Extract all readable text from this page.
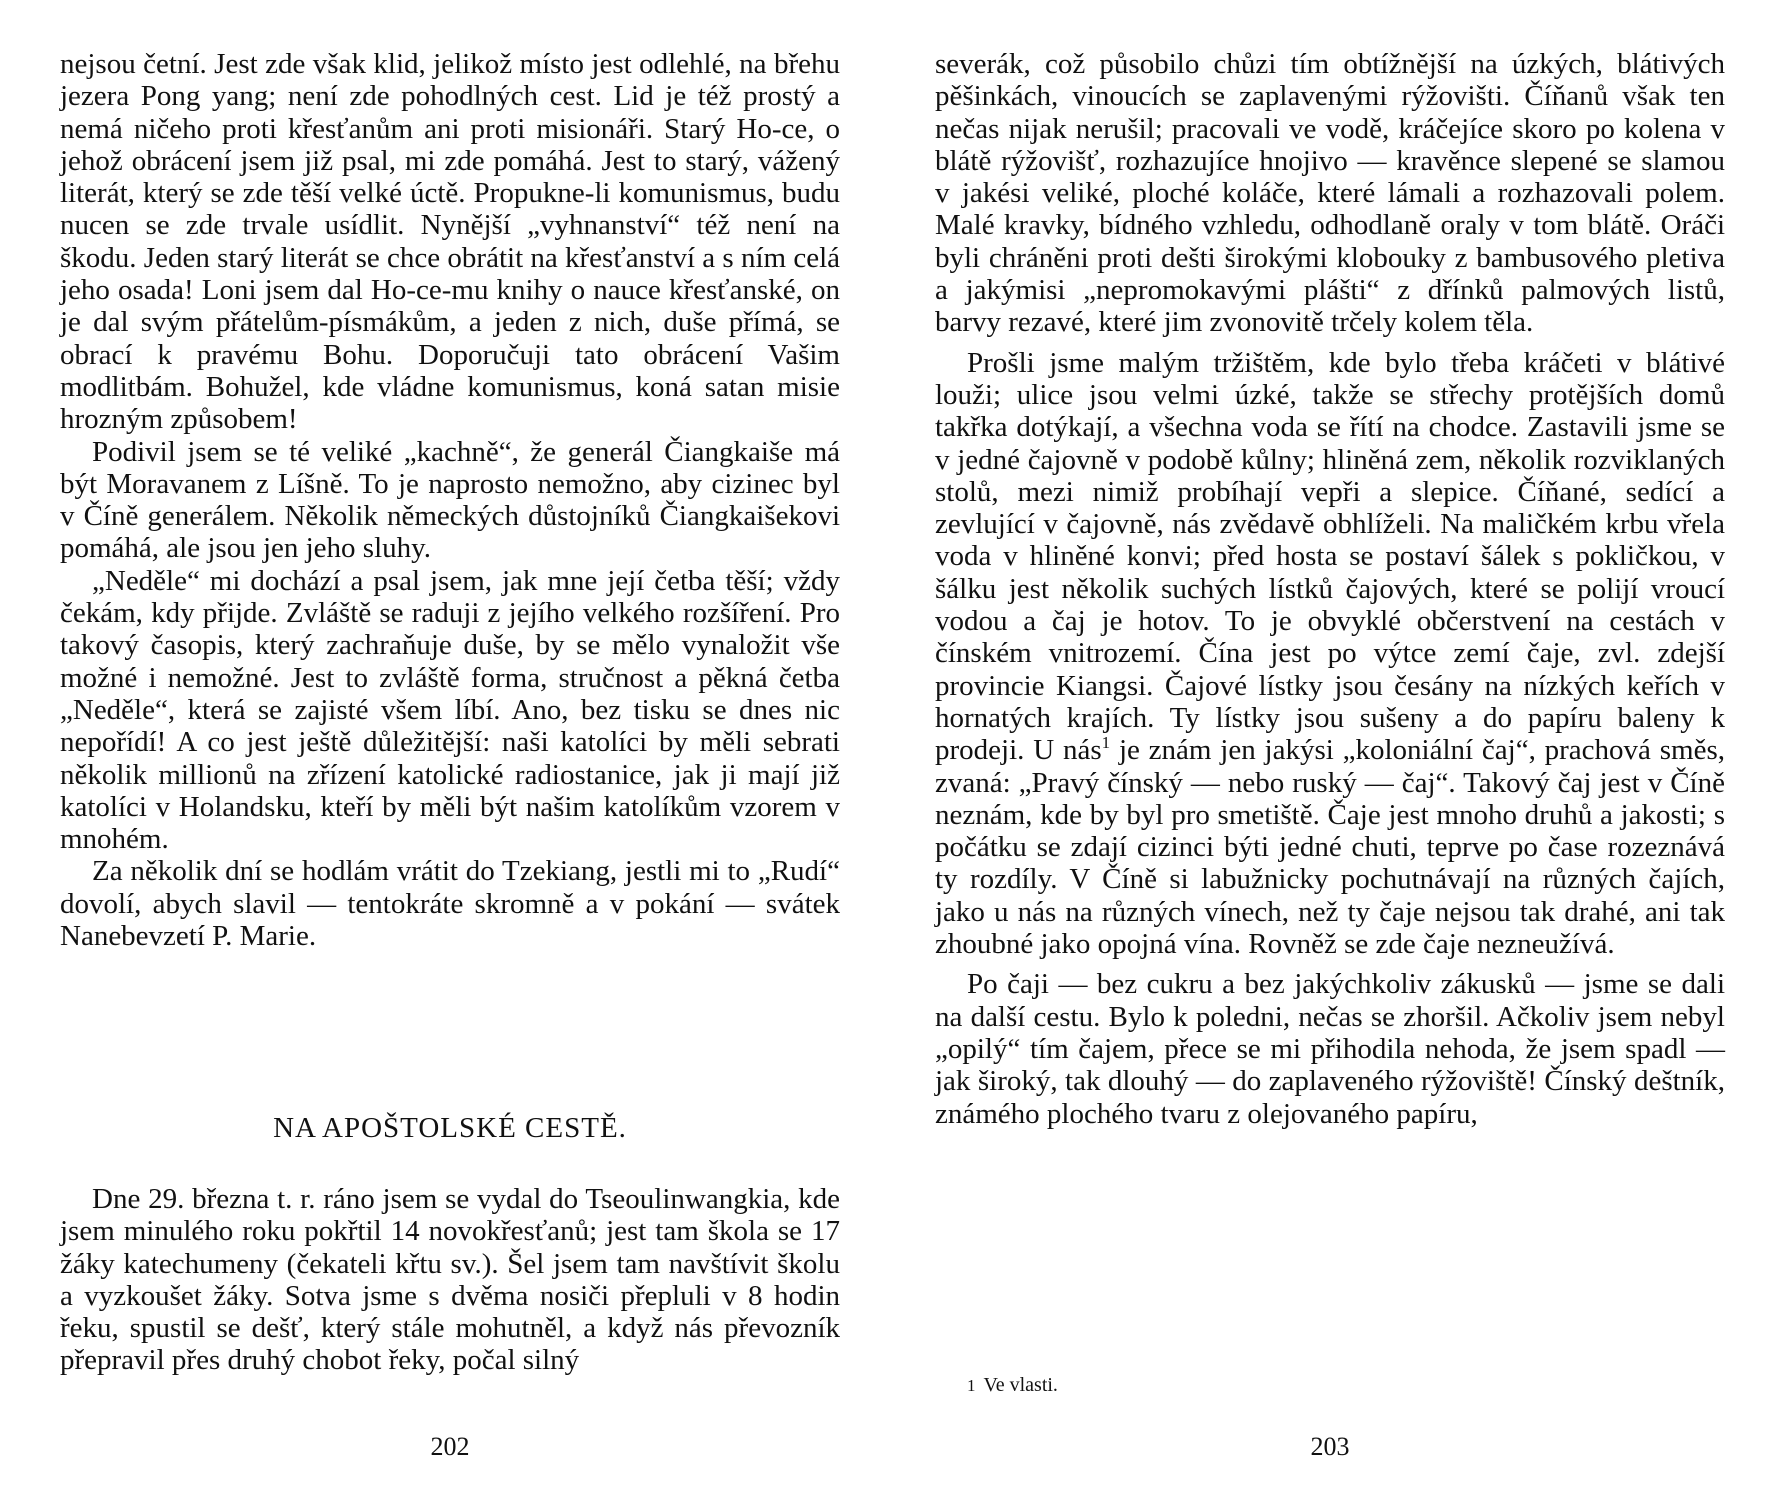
nejsou četní. Jest zde však klid, jelikož místo jest odlehlé, na břehu jezera Pong yang; není zde pohodlných cest. Lid je též prostý a nemá ničeho proti křesťanům ani proti misionáři. Starý Ho-ce, o jehož obrácení jsem již psal, mi zde pomáhá. Jest to starý, vážený literát, který se zde těší velké úctě. Propukne-li komunismus, budu nucen se zde trvale usídlit. Nynější „vyhnanství“ též není na škodu. Jeden starý literát se chce obrátit na křesťanství a s ním celá jeho osada! Loni jsem dal Ho-ce-mu knihy o nauce křesťanské, on je dal svým přátelům-písmákům, a jeden z nich, duše přímá, se obrací k pravému Bohu. Doporučuji tato obrácení Vašim modlitbám. Bohužel, kde vládne komunismus, koná satan misie hrozným způsobem!

Podivil jsem se té veliké „kachně“, že generál Čiangkaiše má být Moravanem z Líšně. To je naprosto nemožno, aby cizinec byl v Číně generálem. Několik německých důstojníků Čiangkaišekovi pomáhá, ale jsou jen jeho sluhy.

„Neděle“ mi dochází a psal jsem, jak mne její četba těší; vždy čekám, kdy přijde. Zvláště se raduji z jejího velkého rozšíření. Pro takový časopis, který zachraňuje duše, by se mělo vynaložit vše možné i nemožné. Jest to zvláště forma, stručnost a pěkná četba „Neděle“, která se zajisté všem líbí. Ano, bez tisku se dnes nic nepořídí! A co jest ještě důležitější: naši katolíci by měli sebrati několik millionů na zřízení katolické radiostanice, jak ji mají již katolíci v Holandsku, kteří by měli být našim katolíkům vzorem v mnohém.

Za několik dní se hodlám vrátit do Tzekiang, jestli mi to „Rudí“ dovolí, abych slavil — tentokráte skromně a v pokání — svátek Nanebevzetí P. Marie.

NA APOŠTOLSKÉ CESTĚ.

Dne 29. března t. r. ráno jsem se vydal do Tseoulinwangkia, kde jsem minulého roku pokřtil 14 novokřesťanů; jest tam škola se 17 žáky katechumeny (čekateli křtu sv.). Šel jsem tam navštívit školu a vyzkoušet žáky. Sotva jsme s dvěma nosiči přepluli v 8 hodin řeku, spustil se dešť, který stále mohutněl, a když nás převozník přepravil přes druhý chobot řeky, počal silný

202

severák, což působilo chůzi tím obtížnější na úzkých, blátivých pěšinkách, vinoucích se zaplavenými rýžovišti. Číňanů však ten nečas nijak nerušil; pracovali ve vodě, kráčejíce skoro po kolena v blátě rýžovišť, rozhazujíce hnojivo — kravěnce slepené se slamou v jakési veliké, ploché koláče, které lámali a rozhazovali polem. Malé kravky, bídného vzhledu, odhodlaně oraly v tom blátě. Oráči byli chráněni proti dešti širokými klobouky z bambusového pletiva a jakýmisi „nepromokavými plášti“ z dřínků palmových listů, barvy rezavé, které jim zvonovitě trčely kolem těla.

Prošli jsme malým tržištěm, kde bylo třeba kráčeti v blátivé louži; ulice jsou velmi úzké, takže se střechy protějších domů takřka dotýkají, a všechna voda se řítí na chodce. Zastavili jsme se v jedné čajovně v podobě kůlny; hliněná zem, několik rozviklaných stolů, mezi nimiž probíhají vepři a slepice. Číňané, sedící a zevlující v čajovně, nás zvědavě obhlíželi. Na maličkém krbu vřela voda v hliněné konvi; před hosta se postaví šálek s pokličkou, v šálku jest několik suchých lístků čajových, které se polijí vroucí vodou a čaj je hotov. To je obvyklé občerstvení na cestách v čínském vnitrozemí. Čína jest po výtce zemí čaje, zvl. zdejší provincie Kiangsi. Čajové lístky jsou česány na nízkých keřích v hornatých krajích. Ty lístky jsou sušeny a do papíru baleny k prodeji. U nás$^1$ je znám jen jakýsi „koloniální čaj“, prachová směs, zvaná: „Pravý čínský — nebo ruský — čaj“. Takový čaj jest v Číně neznám, kde by byl pro smetiště. Čaje jest mnoho druhů a jakosti; s počátku se zdají cizinci býti jedné chuti, teprve po čase rozeznává ty rozdíly. V Číně si labužnicky pochutnávají na různých čajích, jako u nás na různých vínech, než ty čaje nejsou tak drahé, ani tak zhoubné jako opojná vína. Rovněž se zde čaje nezneužívá.

Po čaji — bez cukru a bez jakýchkoliv zákusků — jsme se dali na další cestu. Bylo k poledni, nečas se zhoršil. Ačkoliv jsem nebyl „opilý“ tím čajem, přece se mi přihodila nehoda, že jsem spadl — jak široký, tak dlouhý — do zaplaveného rýžoviště! Čínský deštník, známého plochého tvaru z olejovaného papíru,

1 Ve vlasti.
203
